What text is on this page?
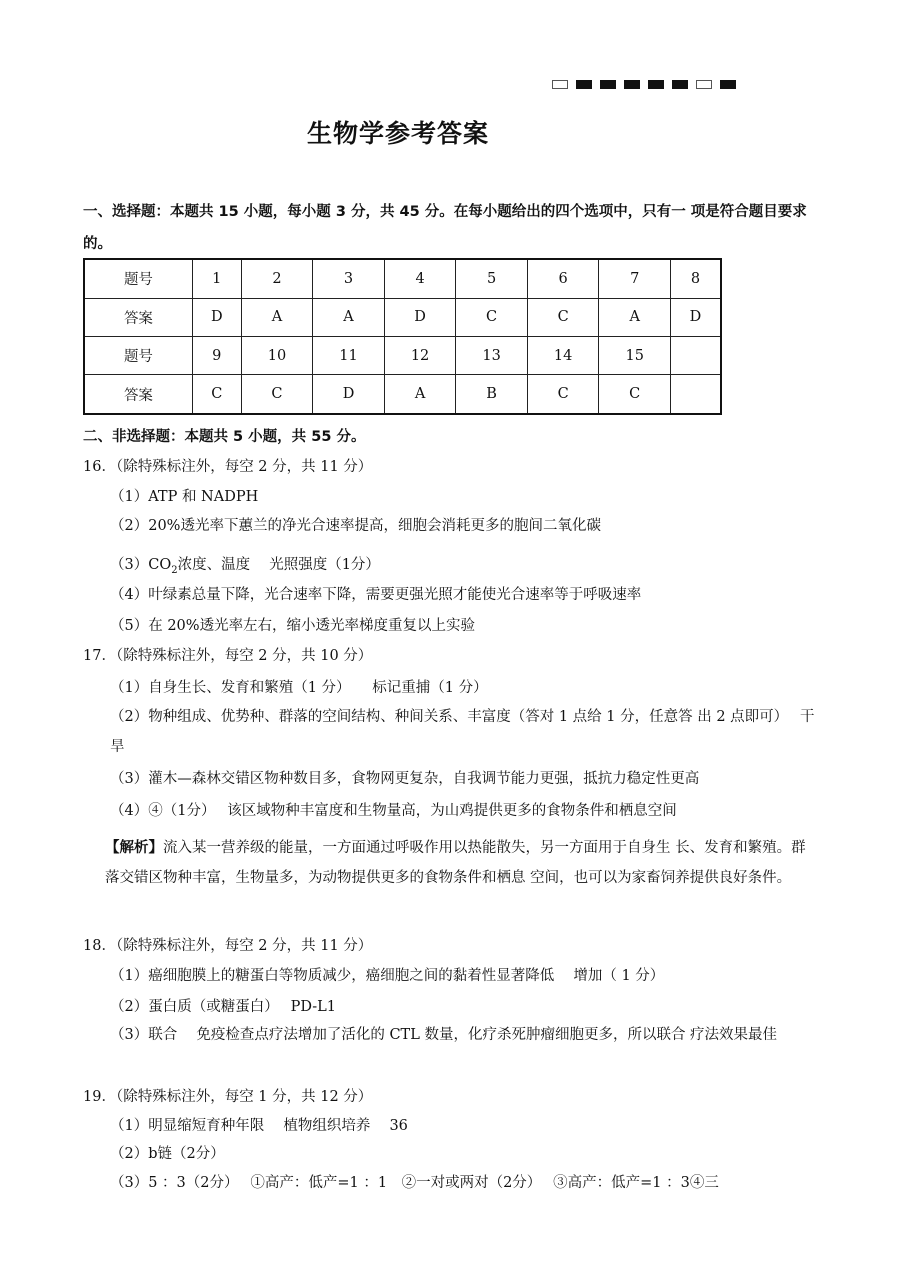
生物学参考答案
一、选择题：本题共 15 小题，每小题 3 分，共 45 分。在每小题给出的四个选项中，只有一 项是符合题目要求的。
题号	1	2	3	4	5	6	7	8
答案	D	A	A	D	C	C	A	D
题号	9	10	11	12	13	14	15	
答案	C	C	D	A	B	C	C	
二、非选择题：本题共 5 小题，共 55 分。
16．（除特殊标注外，每空 2 分，共 11 分）
（1）ATP 和 NADPH
（2）20%透光率下蕙兰的净光合速率提高，细胞会消耗更多的胞间二氧化碳
$(3)CO_2$浓度、温度　 光照强度（1分）
（4）叶绿素总量下降，光合速率下降，需要更强光照才能使光合速率等于呼吸速率
（5）在 20%透光率左右，缩小透光率梯度重复以上实验
17．（除特殊标注外，每空 2 分，共 10 分）
（1）自身生长、发育和繁殖（1 分）　　标记重捕（1 分）
（2）物种组成、优势种、群落的空间结构、种间关系、丰富度（答对 1 点给 1 分，任意答 出 2 点即可）　 干旱
（3）灌木—森林交错区物种数目多，食物网更复杂，自我调节能力更强，抵抗力稳定性更高
（4）④（1分）　 该区域物种丰富度和生物量高，为山鸡提供更多的食物条件和栖息空间
【解析】流入某一营养级的能量，一方面通过呼吸作用以热能散失，另一方面用于自身生 长、发育和繁殖。群落交错区物种丰富，生物量多，为动物提供更多的食物条件和栖息 空间，也可以为家畜饲养提供良好条件。
18．（除特殊标注外，每空 2 分，共 11 分）
（1）癌细胞膜上的糖蛋白等物质减少，癌细胞之间的黏着性显著降低　 增加（ 1 分）
（2）蛋白质（或糖蛋白）　 PD-L1
（3）联合　 免疫检查点疗法增加了活化的 CTL 数量，化疗杀死肿瘤细胞更多，所以联合 疗法效果最佳
19．（除特殊标注外，每空 1 分，共 12 分）
（1）明显缩短育种年限　 植物组织培养　 36
（2）b链（2分）
（3）5 ：3（2分）　 ①高产：低产=1 ：1　②一对或两对（2分）　 ③高产：低产=1 ：3④三
